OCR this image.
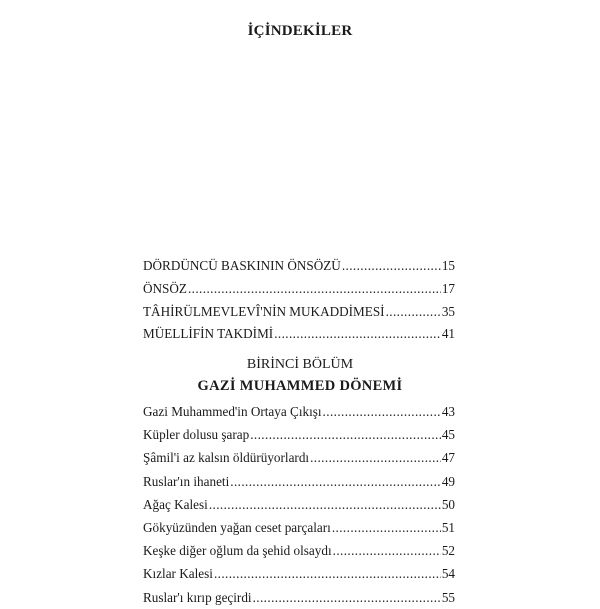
İÇİNDEKİLER
DÖRDÜNCÜ BASKININ ÖNSÖZÜ .....	15
ÖNSÖZ .....	17
TÂHİRÜLMEVLEVÎ'NİN MUKADDİMESİ .....	35
MÜELLİFİN TAKDİMİ .....	41
BİRİNCİ BÖLÜM
GAZİ MUHAMMED DÖNEMİ
Gazi Muhammed'in Ortaya Çıkışı .....	43
Küpler dolusu şarap .....	45
Şâmil'i az kalsın öldürüyorlardı .....	47
Ruslar'ın ihaneti .....	49
Ağaç Kalesi .....	50
Gökyüzünden yağan ceset parçaları .....	51
Keşke diğer oğlum da şehid olsaydı .....	52
Kızlar Kalesi .....	54
Ruslar'ı kırıp geçirdi .....	55
